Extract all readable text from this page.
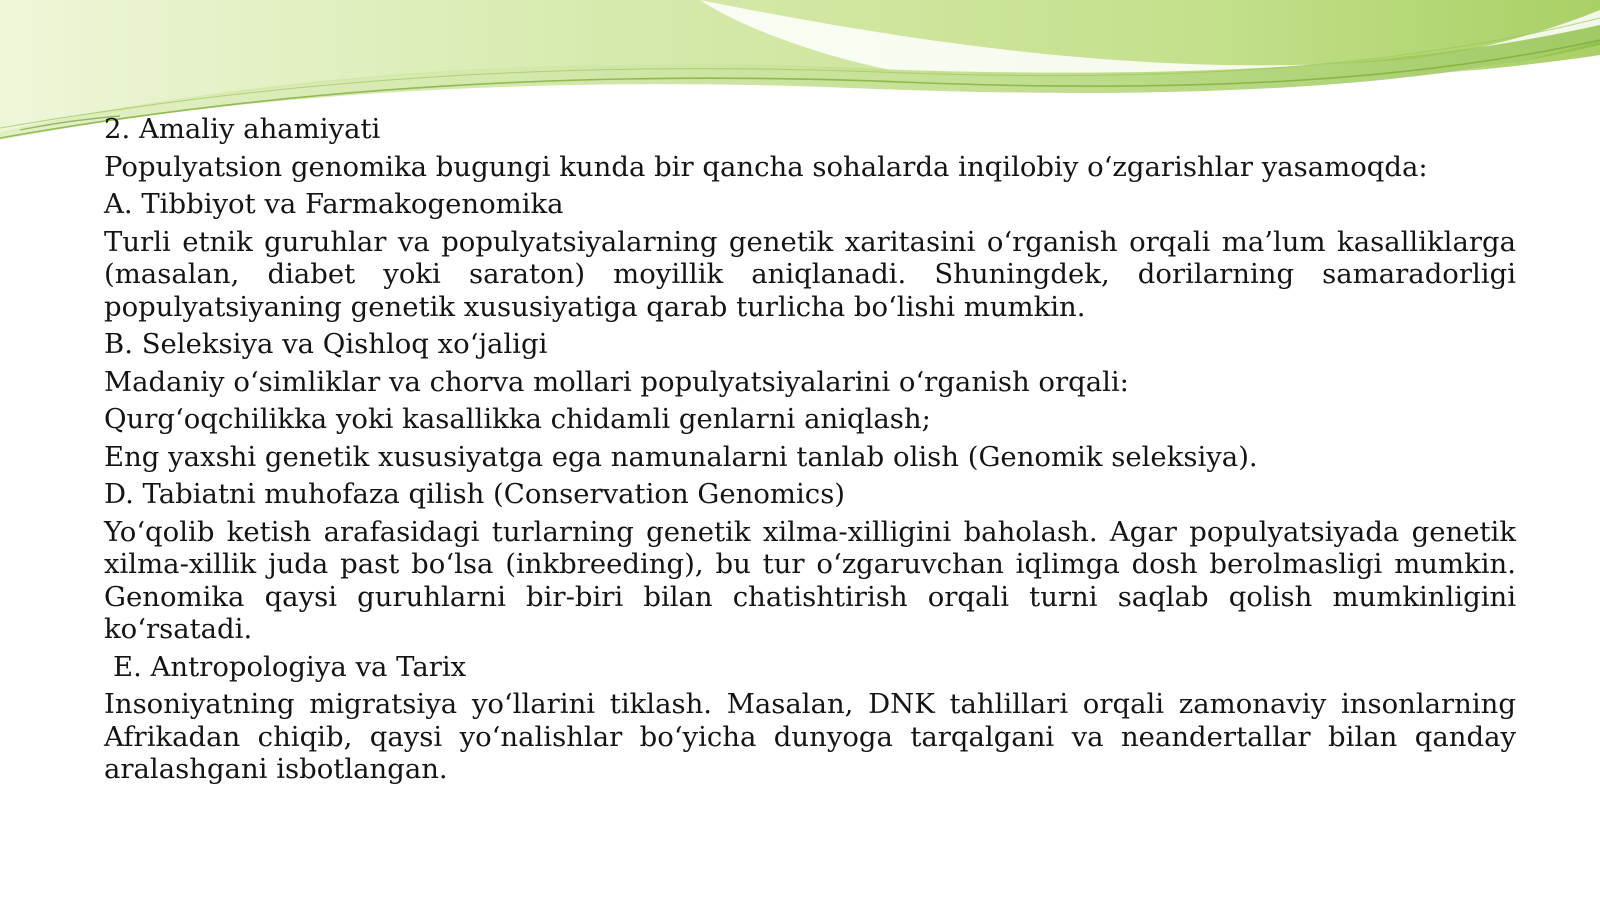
2. Amaliy ahamiyati

Populyatsion genomika bugungi kunda bir qancha sohalarda inqilobiy o‘zgarishlar yasamoqda:

A. Tibbiyot va Farmakogenomika

Turli etnik guruhlar va populyatsiyalarning genetik xaritasini o‘rganish orqali ma’lum kasalliklarga (masalan, diabet yoki saraton) moyillik aniqlanadi. Shuningdek, dorilarning samaradorligi populyatsiyaning genetik xususiyatiga qarab turlicha bo‘lishi mumkin.

B. Seleksiya va Qishloq xo‘jaligi

Madaniy o‘simliklar va chorva mollari populyatsiyalarini o‘rganish orqali:

Qurg‘oqchilikka yoki kasallikka chidamli genlarni aniqlash;

Eng yaxshi genetik xususiyatga ega namunalarni tanlab olish (Genomik seleksiya).

D. Tabiatni muhofaza qilish (Conservation Genomics)

Yo‘qolib ketish arafasidagi turlarning genetik xilma-xilligini baholash. Agar populyatsiyada genetik xilma-xillik juda past bo‘lsa (inkbreeding), bu tur o‘zgaruvchan iqlimga dosh berolmasligi mumkin. Genomika qaysi guruhlarni bir-biri bilan chatishtirish orqali turni saqlab qolish mumkinligini ko‘rsatadi.

E. Antropologiya va Tarix

Insoniyatning migratsiya yo‘llarini tiklash. Masalan, DNK tahlillari orqali zamonaviy insonlarning Afrikadan chiqib, qaysi yo‘nalishlar bo‘yicha dunyoga tarqalgani va neandertallar bilan qanday aralashgani isbotlangan.
